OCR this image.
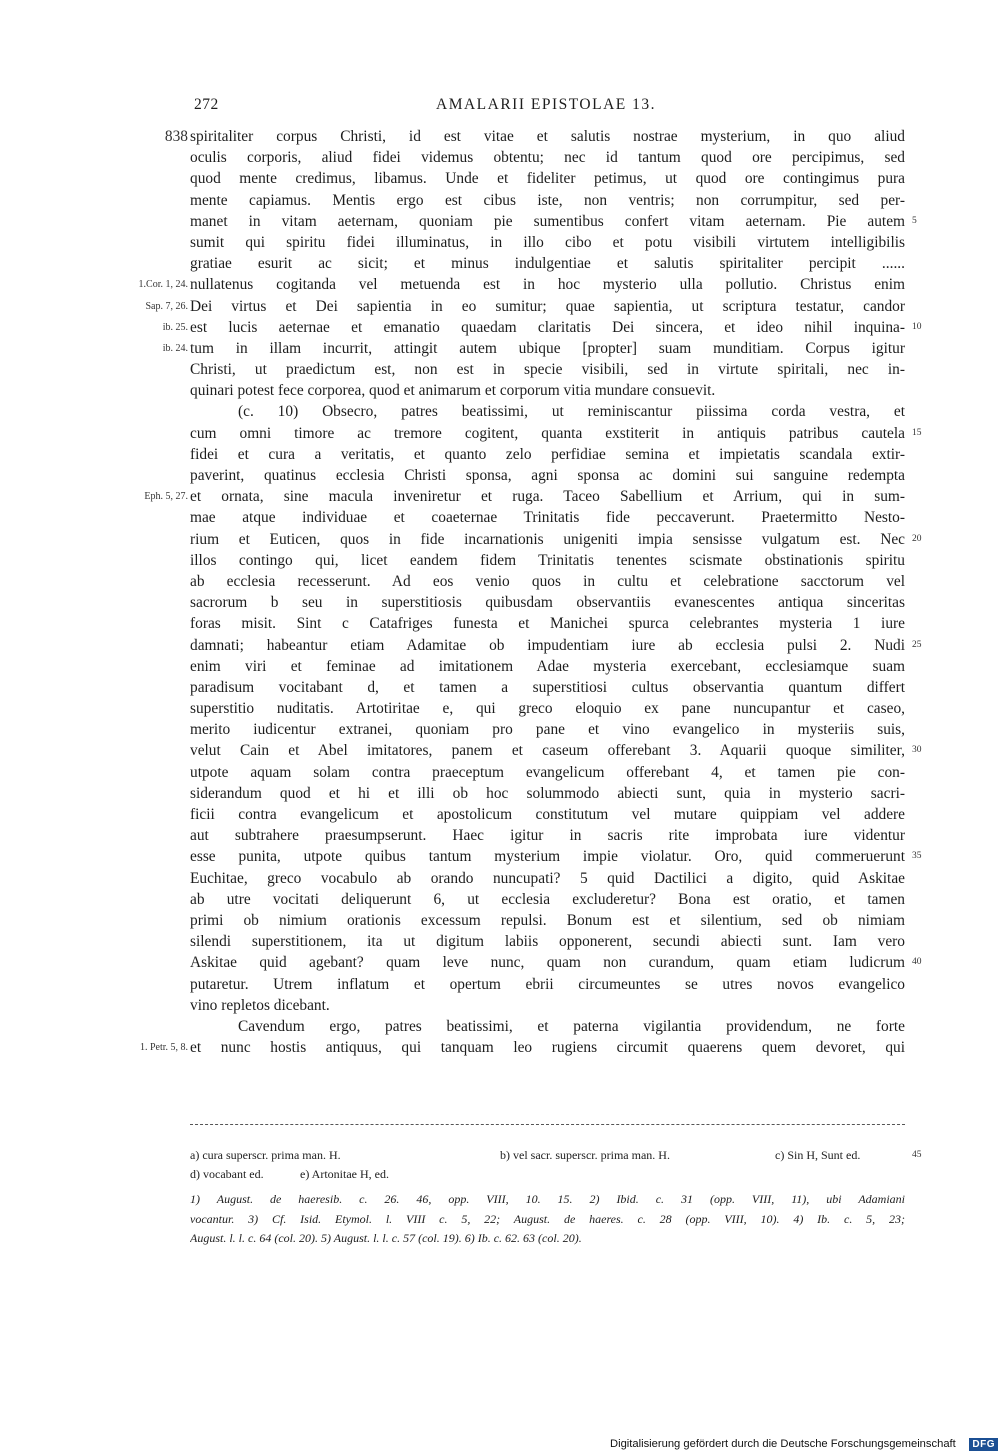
272	AMALARII EPISTOLAE 13.
838 spiritaliter corpus Christi, id est vitae et salutis nostrae mysterium, in quo aliud
oculis corporis, aliud fidei videmus obtentu; nec id tantum quod ore percipimus, sed
quod mente credimus, libamus. Unde et fideliter petimus, ut quod ore contingimus pura
mente capiamus. Mentis ergo est cibus iste, non ventris; non corrumpitur, sed per-
manet in vitam aeternam, quoniam pie sumentibus confert vitam aeternam. Pie autem 5
sumit qui spiritu fidei illuminatus, in illo cibo et potu visibili virtutem intelligibilis
gratiae esurit ac sicit; et minus indulgentiae et salutis spiritaliter percipit ......
1.Cor. 1, 24. nullatenus cogitanda vel metuenda est in hoc mysterio ulla pollutio. Christus enim
Sap. 7, 26. Dei virtus et Dei sapientia in eo sumitur; quae sapientia, ut scriptura testatur, candor
ib. 25. est lucis aeternae et emanatio quaedam claritatis Dei sincera, et ideo nihil inquina- 10
ib. 24. tum in illam incurrit, attingit autem ubique [propter] suam munditiam. Corpus igitur
Christi, ut praedictum est, non est in specie visibili, sed in virtute spiritali, nec in-
quinari potest fece corporea, quod et animarum et corporum vitia mundare consuevit.
(c. 10) Obsecro, patres beatissimi, ut reminiscantur piissima corda vestra, et
cum omni timore ac tremore cogitent, quanta exstiterit in antiquis patribus cautela 15
fidei et cura a veritatis, et quanto zelo perfidiae semina et impietatis scandala extir-
paverint, quatinus ecclesia Christi sponsa, agni sponsa ac domini sui sanguine redempta
Eph. 5, 27. et ornata, sine macula inveniretur et ruga. Taceo Sabellium et Arrium, qui in sum-
mae atque individuae et coaeternae Trinitatis fide peccaverunt. Praetermitto Nesto-
rium et Euticen, quos in fide incarnationis unigeniti impia sensisse vulgatum est. Nec 20
illos contingo qui, licet eandem fidem Trinitatis tenentes scismate obstinationis spiritu
ab ecclesia recesserunt. Ad eos venio quos in cultu et celebratione sacctorum vel
sacrorum b seu in superstitiosis quibusdam observantiis evanescentes antiqua sinceritas
foras misit. Sint c Catafriges funesta et Manichei spurca celebrantes mysteria 1 iure
damnati; habeantur etiam Adamitae ob impudentiam iure ab ecclesia pulsi 2. Nudi 25
enim viri et feminae ad imitationem Adae mysteria exercebant, ecclesiamque suam
paradisum vocitabant d, et tamen a superstitiosi cultus observantia quantum differt
superstitio nuditatis. Artotiritae e, qui greco eloquio ex pane nuncupantur et caseo,
merito iudicentur extranei, quoniam pro pane et vino evangelico in mysteriis suis,
velut Cain et Abel imitatores, panem et caseum offerebant 3. Aquarii quoque similiter, 30
utpote aquam solam contra praeceptum evangelicum offerebant 4, et tamen pie con-
siderandum quod et hi et illi ob hoc solummodo abiecti sunt, quia in mysterio sacri-
ficii contra evangelicum et apostolicum constitutum vel mutare quippiam vel addere
aut subtrahere praesumpserunt. Haec igitur in sacris rite improbata iure videntur
esse punita, utpote quibus tantum mysterium impie violatur. Oro, quid commeruerunt 35
Euchitae, greco vocabulo ab orando nuncupati? 5 quid Dactilici a digito, quid Askitae
ab utre vocitati deliquerunt 6, ut ecclesia excluderetur? Bona est oratio, et tamen
primi ob nimium orationis excessum repulsi. Bonum est et silentium, sed ob nimiam
silendi superstitionem, ita ut digitum labiis opponerent, secundi abiecti sunt. Iam vero
Askitae quid agebant? quam leve nunc, quam non curandum, quam etiam ludicrum 40
putaretur. Utrem inflatum et opertum ebrii circumeuntes se utres novos evangelico
vino repletos dicebant.
Cavendum ergo, patres beatissimi, et paterna vigilantia providendum, ne forte
1. Petr. 5, 8. et nunc hostis antiquus, qui tanquam leo rugiens circumit quaerens quem devoret, qui
a) cura superscr. prima man. H.	b) vel sacr. superscr. prima man. H.	c) Sin H, Sunt ed.	45
d) vocabant ed.	e) Artonitae H, ed.
1) August. de haeresib. c. 26. 46, opp. VIII, 10. 15. 2) Ibid. c. 31 (opp. VIII, 11), ubi Adamiani
vocantur. 3) Cf. Isid. Etymol. l. VIII c. 5, 22; August. de haeres. c. 28 (opp. VIII, 10). 4) Ib. c. 5, 23;
August. l. l. c. 64 (col. 20). 5) August. l. l. c. 57 (col. 19). 6) Ib. c. 62. 63 (col. 20).
Digitalisierung gefördert durch die Deutsche Forschungsgemeinschaft	DFG
